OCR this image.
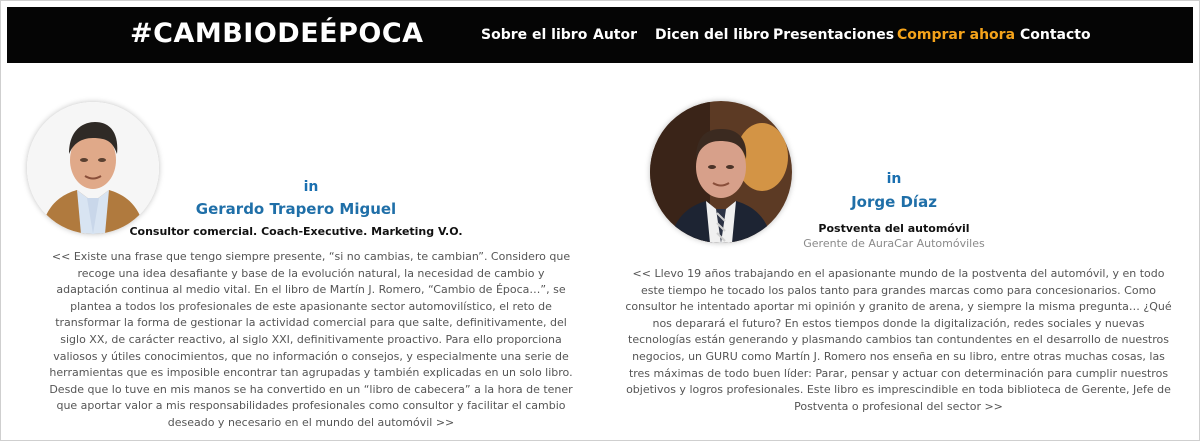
#CAMBIODEÉPOCA	Sobre el libro Autor Dicen del libro Presentaciones Comprar ahora Contacto
in
Gerardo Trapero Miguel
Consultor comercial. Coach-Executive. Marketing V.O.
<< Existe una frase que tengo siempre presente, “si no cambias, te cambian”. Considero que recoge una idea desafiante y base de la evolución natural, la necesidad de cambio y adaptación continua al medio vital. En el libro de Martín J. Romero, “Cambio de Época…”, se plantea a todos los profesionales de este apasionante sector automovilístico, el reto de transformar la forma de gestionar la actividad comercial para que salte, definitivamente, del siglo XX, de carácter reactivo, al siglo XXI, definitivamente proactivo. Para ello proporciona valiosos y útiles conocimientos, que no información o consejos, y especialmente una serie de herramientas que es imposible encontrar tan agrupadas y también explicadas en un solo libro. Desde que lo tuve en mis manos se ha convertido en un “libro de cabecera” a la hora de tener que aportar valor a mis responsabilidades profesionales como consultor y facilitar el cambio deseado y necesario en el mundo del automóvil >>
in
Jorge Díaz
Postventa del automóvil
Gerente de AuraCar Automóviles
<< Llevo 19 años trabajando en el apasionante mundo de la postventa del automóvil, y en todo este tiempo he tocado los palos tanto para grandes marcas como para concesionarios. Como consultor he intentado aportar mi opinión y granito de arena, y siempre la misma pregunta… ¿Qué nos deparará el futuro? En estos tiempos donde la digitalización, redes sociales y nuevas tecnologías están generando y plasmando cambios tan contundentes en el desarrollo de nuestros negocios, un GURU como Martín J. Romero nos enseña en su libro, entre otras muchas cosas, las tres máximas de todo buen líder: Parar, pensar y actuar con determinación para cumplir nuestros objetivos y logros profesionales. Este libro es imprescindible en toda biblioteca de Gerente, Jefe de Postventa o profesional del sector >>
